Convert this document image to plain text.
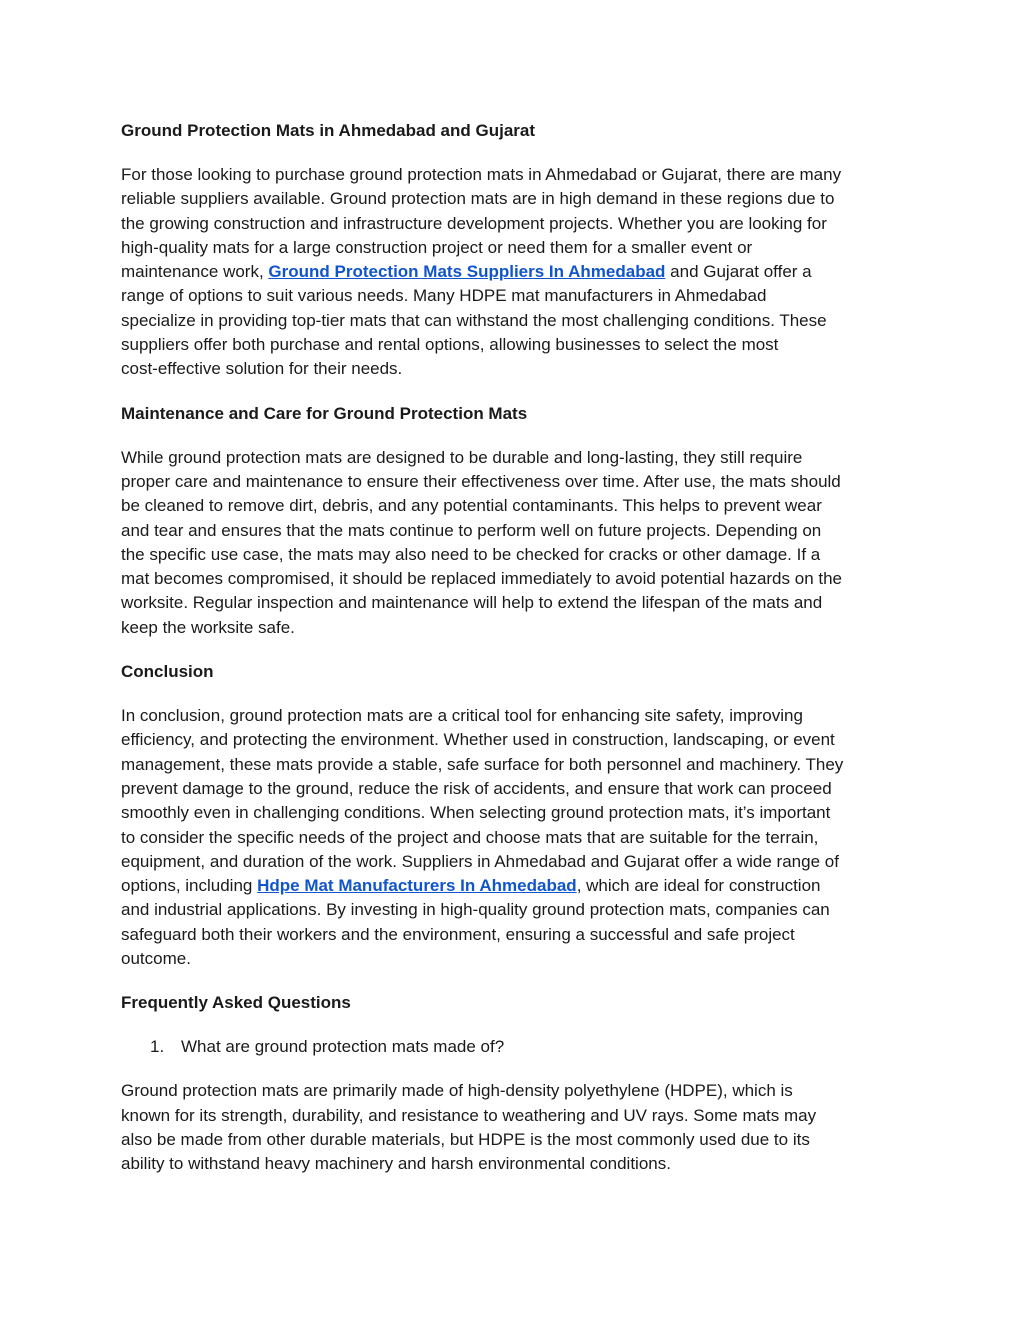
Ground Protection Mats in Ahmedabad and Gujarat
For those looking to purchase ground protection mats in Ahmedabad or Gujarat, there are many
reliable suppliers available. Ground protection mats are in high demand in these regions due to
the growing construction and infrastructure development projects. Whether you are looking for
high-quality mats for a large construction project or need them for a smaller event or
maintenance work, Ground Protection Mats Suppliers In Ahmedabad and Gujarat offer a
range of options to suit various needs. Many HDPE mat manufacturers in Ahmedabad
specialize in providing top-tier mats that can withstand the most challenging conditions. These
suppliers offer both purchase and rental options, allowing businesses to select the most
cost-effective solution for their needs.
Maintenance and Care for Ground Protection Mats
While ground protection mats are designed to be durable and long-lasting, they still require
proper care and maintenance to ensure their effectiveness over time. After use, the mats should
be cleaned to remove dirt, debris, and any potential contaminants. This helps to prevent wear
and tear and ensures that the mats continue to perform well on future projects. Depending on
the specific use case, the mats may also need to be checked for cracks or other damage. If a
mat becomes compromised, it should be replaced immediately to avoid potential hazards on the
worksite. Regular inspection and maintenance will help to extend the lifespan of the mats and
keep the worksite safe.
Conclusion
In conclusion, ground protection mats are a critical tool for enhancing site safety, improving
efficiency, and protecting the environment. Whether used in construction, landscaping, or event
management, these mats provide a stable, safe surface for both personnel and machinery. They
prevent damage to the ground, reduce the risk of accidents, and ensure that work can proceed
smoothly even in challenging conditions. When selecting ground protection mats, it’s important
to consider the specific needs of the project and choose mats that are suitable for the terrain,
equipment, and duration of the work. Suppliers in Ahmedabad and Gujarat offer a wide range of
options, including Hdpe Mat Manufacturers In Ahmedabad, which are ideal for construction
and industrial applications. By investing in high-quality ground protection mats, companies can
safeguard both their workers and the environment, ensuring a successful and safe project
outcome.
Frequently Asked Questions
1. What are ground protection mats made of?
Ground protection mats are primarily made of high-density polyethylene (HDPE), which is
known for its strength, durability, and resistance to weathering and UV rays. Some mats may
also be made from other durable materials, but HDPE is the most commonly used due to its
ability to withstand heavy machinery and harsh environmental conditions.
